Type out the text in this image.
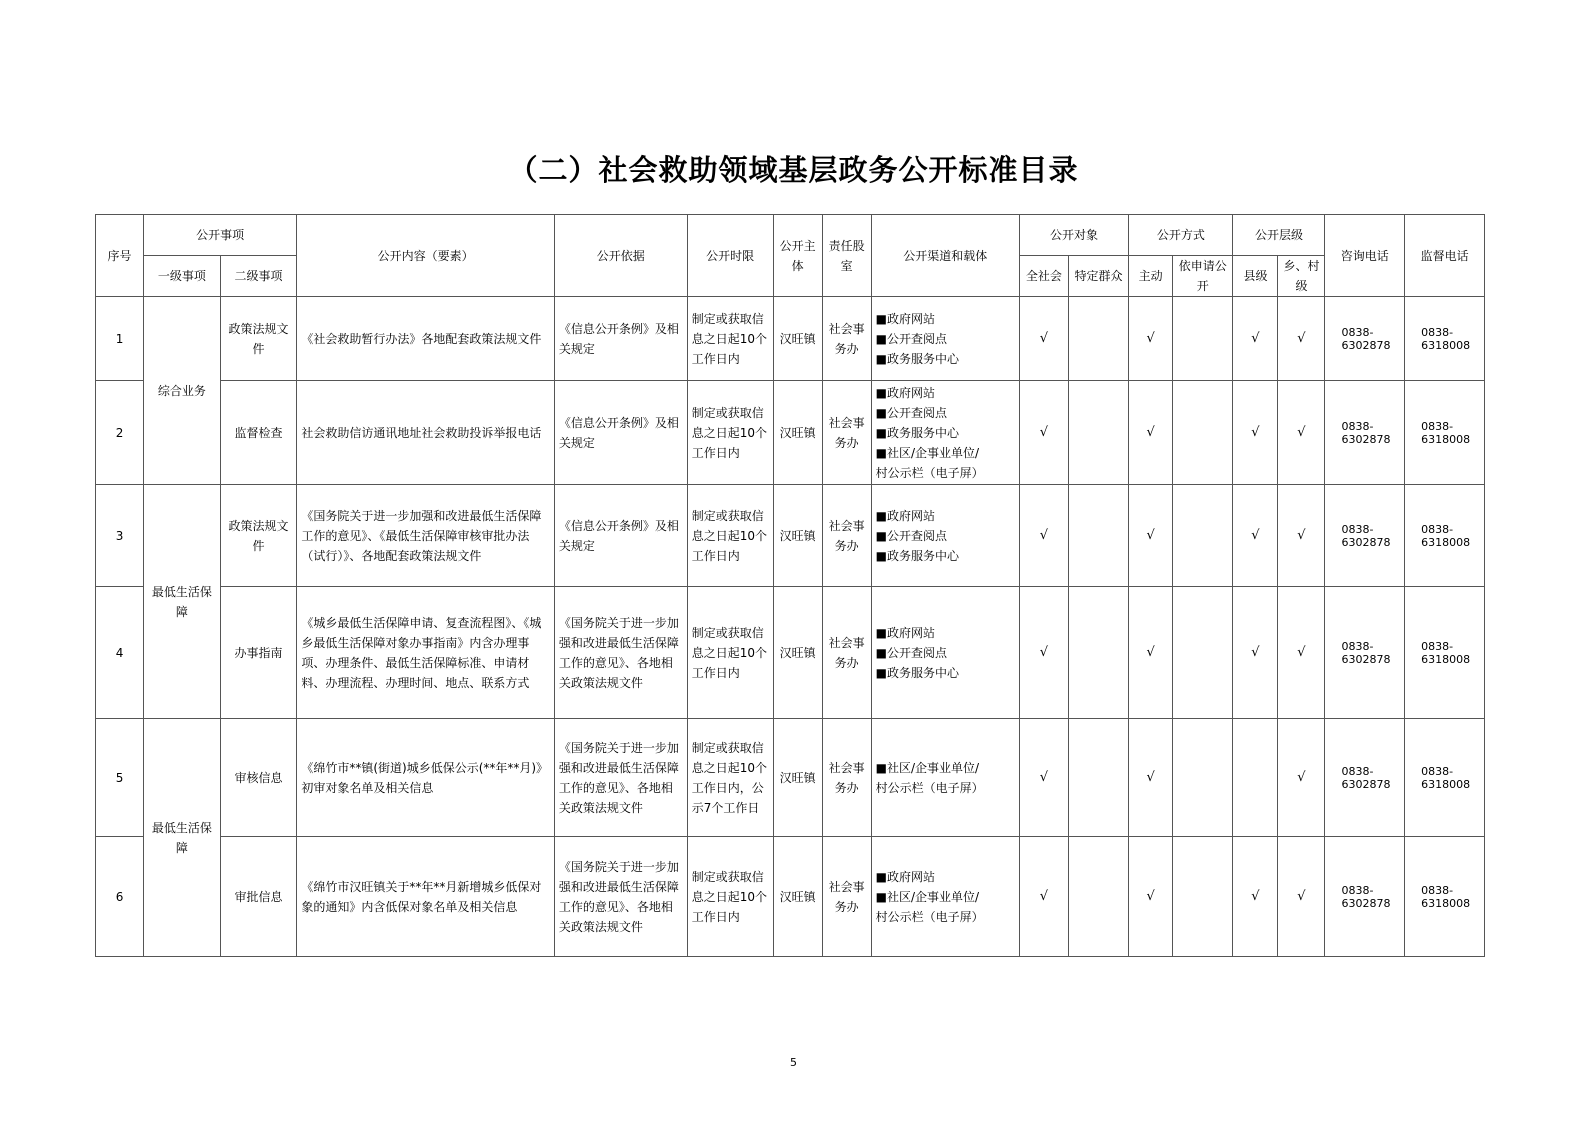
（二）社会救助领域基层政务公开标准目录
序号	公开事项		公开内容（要素）	公开依据	公开时限	公开主体	责任股室	公开渠道和载体	公开对象		公开方式		公开层级		咨询电话	监督电话
	一级事项	二级事项							全社会	特定群众	主动	依申请公开	县级	乡、村级		
1	综合业务	政策法规文件	《社会救助暂行办法》各地配套政策法规文件	《信息公开条例》及相关规定	制定或获取信息之日起10个工作日内	汉旺镇	社会事务办	■政府网站
■公开查阅点
■政务服务中心	√		√		√	√	0838-6302878	0838-6318008
2		监督检查	社会救助信访通讯地址社会救助投诉举报电话	《信息公开条例》及相关规定	制定或获取信息之日起10个工作日内	汉旺镇	社会事务办	■政府网站
■公开查阅点
■政务服务中心
■社区/企事业单位/
村公示栏（电子屏）	√		√		√	√	0838-6302878	0838-6318008
3	最低生活保障	政策法规文件	《国务院关于进一步加强和改进最低生活保障工作的意见》、《最低生活保障审核审批办法（试行）》、各地配套政策法规文件	《信息公开条例》及相关规定	制定或获取信息之日起10个工作日内	汉旺镇	社会事务办	■政府网站
■公开查阅点
■政务服务中心	√		√		√	√	0838-6302878	0838-6318008
4		办事指南	《城乡最低生活保障申请、复查流程图》、《城乡最低生活保障对象办事指南》内含办理事项、办理条件、最低生活保障标准、申请材料、办理流程、办理时间、地点、联系方式	《国务院关于进一步加强和改进最低生活保障工作的意见》、各地相关政策法规文件	制定或获取信息之日起10个工作日内	汉旺镇	社会事务办	■政府网站
■公开查阅点
■政务服务中心	√		√		√	√	0838-6302878	0838-6318008
5	最低生活保障	审核信息	《绵竹市**镇(街道)城乡低保公示(**年**月)》初审对象名单及相关信息	《国务院关于进一步加强和改进最低生活保障工作的意见》、各地相关政策法规文件	制定或获取信息之日起10个工作日内，公示7个工作日	汉旺镇	社会事务办	■社区/企事业单位/
村公示栏（电子屏）	√		√			√	0838-6302878	0838-6318008
6		审批信息	《绵竹市汉旺镇关于**年**月新增城乡低保对象的通知》内含低保对象名单及相关信息	《国务院关于进一步加强和改进最低生活保障工作的意见》、各地相关政策法规文件	制定或获取信息之日起10个工作日内	汉旺镇	社会事务办	■政府网站
■社区/企事业单位/
村公示栏（电子屏）	√		√		√	√	0838-6302878	0838-6318008
5
